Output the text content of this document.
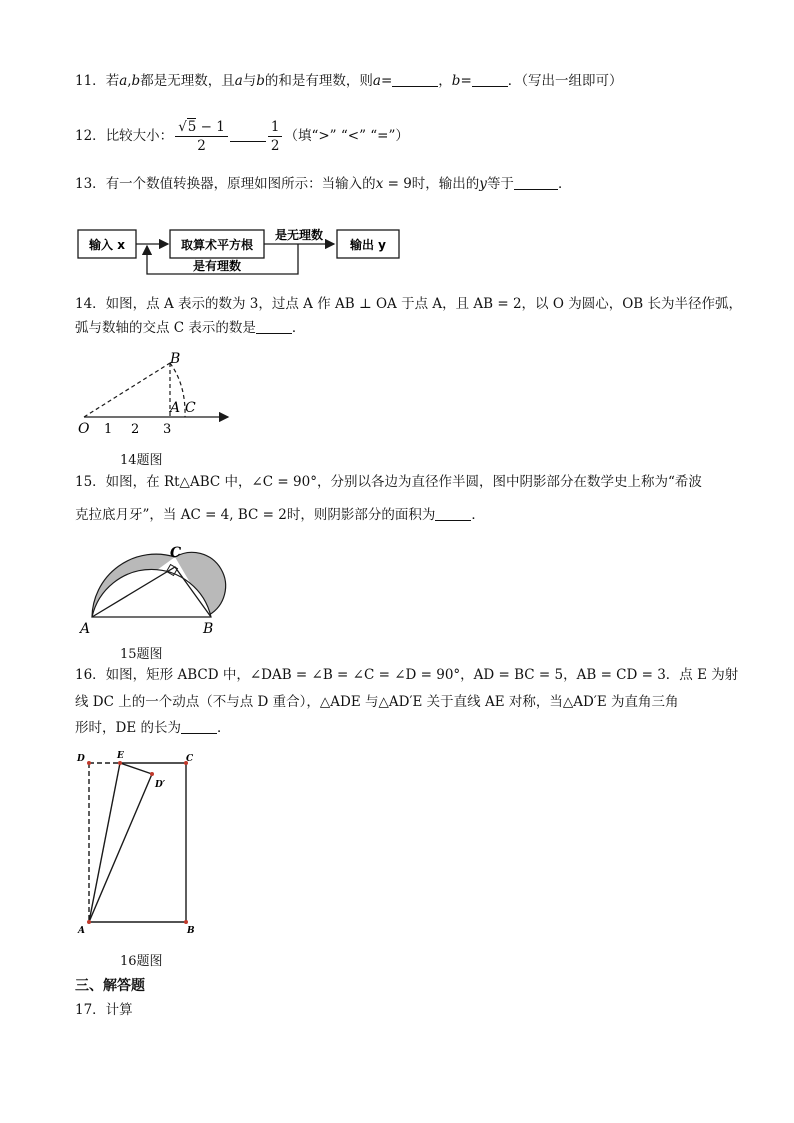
11．若a,b都是无理数，且a与b的和是有理数，则a=	，b=	．（写出一组即可）
12．比较大小： $\frac{√5 - 1}{2}$	$\frac{1}{2}$ （填“>” “<” “=”）
13．有一个数值转换器，原理如图所示：当输入的x = 9时，输出的y等于	．
输入 x	取算术平方根
是无理数
输出 y
是有理数
14．如图，点 A 表示的数为 3，过点 A 作 AB ⊥ OA 于点 A，且 AB = 2，以 O 为圆心，OB 长为半径作弧，
弧与数轴的交点 C 表示的数是	．
B
A C
O 1 2 3
14题图
15．如图，在 Rt△ABC 中，∠C = 90°，分别以各边为直径作半圆，图中阴影部分在数学史上称为“希波
克拉底月牙”，当 AC = 4, BC = 2时，则阴影部分的面积为	．
A	B
C
15题图
16．如图，矩形 ABCD 中，∠DAB = ∠B = ∠C = ∠D = 90°，AD = BC = 5，AB = CD = 3．点 E 为射
线 DC 上的一个动点（不与点 D 重合），△ADE 与△AD′E 关于直线 AE 对称，当△AD′E 为直角三角
形时，DE 的长为	．
D	E	C
D′
A	B
16题图
三、解答题
17．计算
